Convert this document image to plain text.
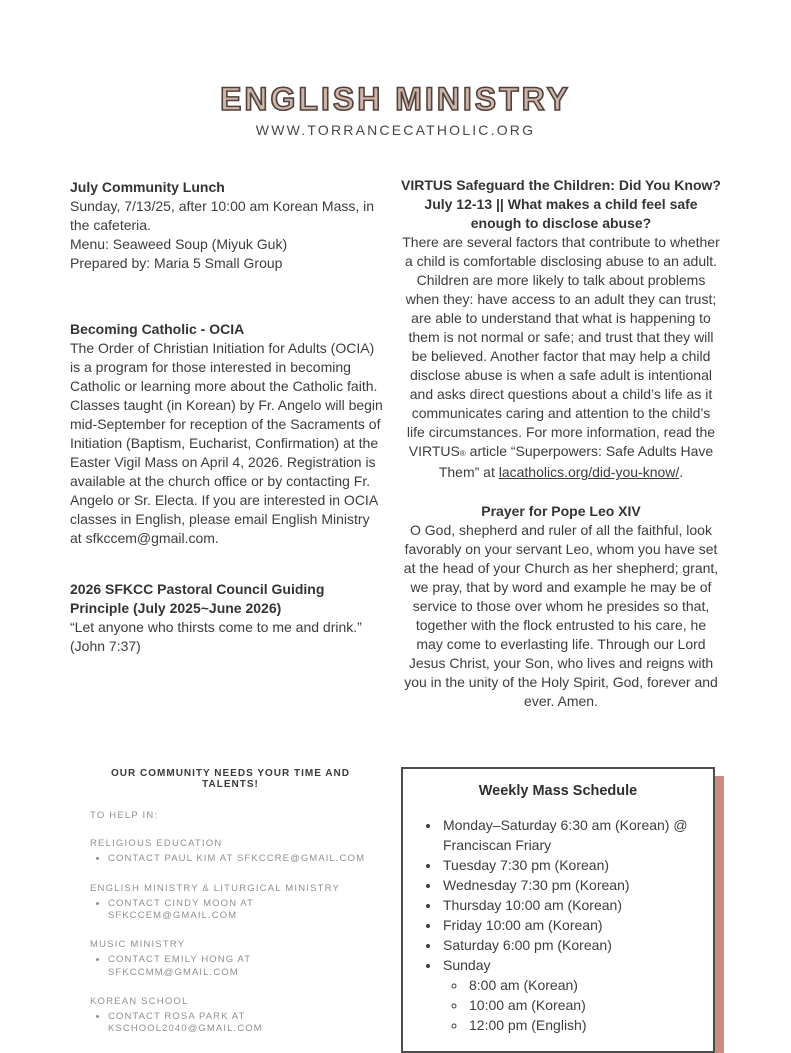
ENGLISH MINISTRY
WWW.TORRANCECATHOLIC.ORG
July Community Lunch
Sunday, 7/13/25, after 10:00 am Korean Mass, in the cafeteria.
Menu: Seaweed Soup (Miyuk Guk)
Prepared by: Maria 5 Small Group
Becoming Catholic - OCIA
The Order of Christian Initiation for Adults (OCIA) is a program for those interested in becoming Catholic or learning more about the Catholic faith. Classes taught (in Korean) by Fr. Angelo will begin mid-September for reception of the Sacraments of Initiation (Baptism, Eucharist, Confirmation) at the Easter Vigil Mass on April 4, 2026. Registration is available at the church office or by contacting Fr. Angelo or Sr. Electa. If you are interested in OCIA classes in English, please email English Ministry at sfkccem@gmail.com.
2026 SFKCC Pastoral Council Guiding Principle (July 2025~June 2026)
“Let anyone who thirsts come to me and drink.”
(John 7:37)
OUR COMMUNITY NEEDS YOUR TIME AND TALENTS!
TO HELP IN:
RELIGIOUS EDUCATION
• CONTACT PAUL KIM AT SFKCCRE@GMAIL.COM
ENGLISH MINISTRY & LITURGICAL MINISTRY
• CONTACT CINDY MOON AT SFKCCEM@GMAIL.COM
MUSIC MINISTRY
• CONTACT EMILY HONG AT SFKCCMM@GMAIL.COM
KOREAN SCHOOL
• CONTACT ROSA PARK AT KSCHOOL2040@GMAIL.COM
VIRTUS Safeguard the Children: Did You Know? July 12-13 || What makes a child feel safe enough to disclose abuse?
There are several factors that contribute to whether a child is comfortable disclosing abuse to an adult. Children are more likely to talk about problems when they: have access to an adult they can trust; are able to understand that what is happening to them is not normal or safe; and trust that they will be believed. Another factor that may help a child disclose abuse is when a safe adult is intentional and asks direct questions about a child’s life as it communicates caring and attention to the child’s life circumstances. For more information, read the VIRTUS® article “Superpowers: Safe Adults Have Them” at lacatholics.org/did-you-know/.
Prayer for Pope Leo XIV
O God, shepherd and ruler of all the faithful, look favorably on your servant Leo, whom you have set at the head of your Church as her shepherd; grant, we pray, that by word and example he may be of service to those over whom he presides so that, together with the flock entrusted to his care, he may come to everlasting life. Through our Lord Jesus Christ, your Son, who lives and reigns with you in the unity of the Holy Spirit, God, forever and ever. Amen.
Weekly Mass Schedule
• Monday–Saturday 6:30 am (Korean) @ Franciscan Friary
• Tuesday 7:30 pm (Korean)
• Wednesday 7:30 pm (Korean)
• Thursday 10:00 am (Korean)
• Friday 10:00 am (Korean)
• Saturday 6:00 pm (Korean)
• Sunday
◦ 8:00 am (Korean)
◦ 10:00 am (Korean)
◦ 12:00 pm (English)
